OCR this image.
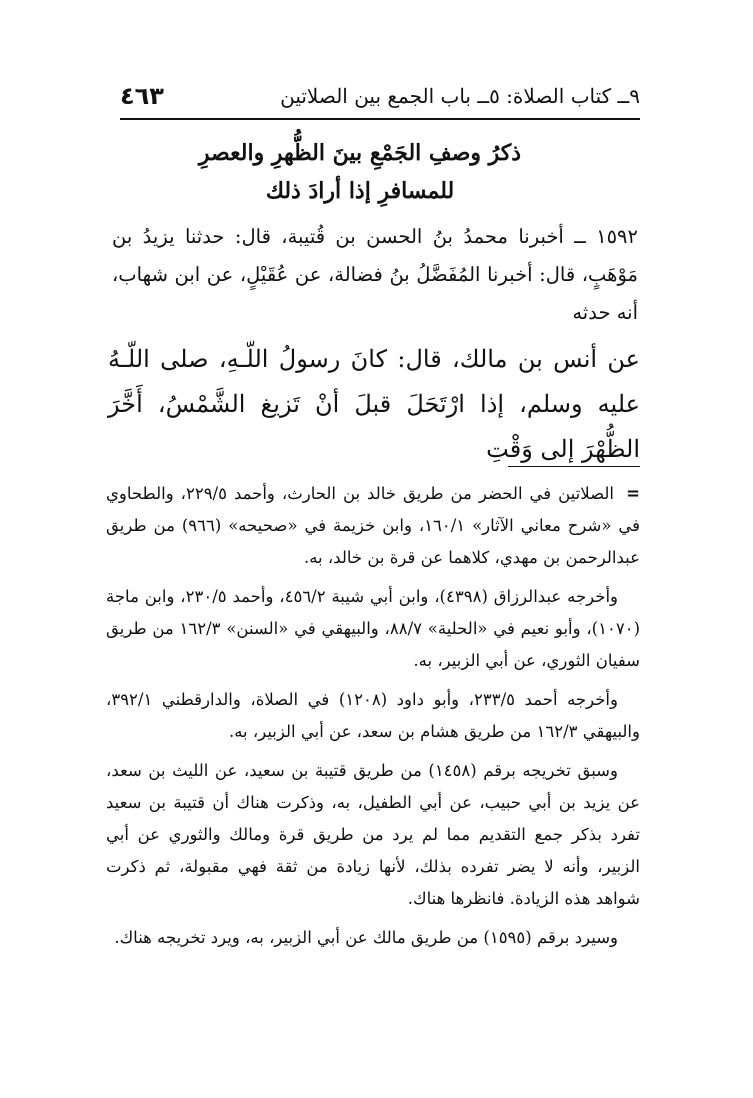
٤٦٣	٩ــ كتاب الصلاة: ٥ــ باب الجمع بين الصلاتين
ذكرُ وصفِ الجَمْعِ بينَ الظُّهرِ والعصرِ
للمسافرِ إذا أرادَ ذلك
١٥٩٢ ــ أخبرنا محمدُ بنُ الحسن بن قُتيبة، قال: حدثنا يزيدُ بن مَوْهَبٍ، قال: أخبرنا المُفَضَّلُ بنُ فضالة، عن عُقَيْلٍ، عن ابن شهاب، أنه حدثه
عن أنس بن مالك، قال: كانَ رسولُ اللّـهِ، صلى اللّـهُ عليه وسلم، إذا ارْتَحَلَ قبلَ أنْ تَزيغ الشَّمْسُ، أَخَّرَ الظُّهْرَ إلى وَقْتِ

=الصلاتين في الحضر من طريق خالد بن الحارث، وأحمد ٢٢٩/٥، والطحاوي في «شرح معاني الآثار» ١٦٠/١، وابن خزيمة في «صحيحه» (٩٦٦) من طريق عبدالرحمن بن مهدي، كلاهما عن قرة بن خالد، به.

وأخرجه عبدالرزاق (٤٣٩٨)، وابن أبي شيبة ٤٥٦/٢، وأحمد ٢٣٠/٥، وابن ماجة (١٠٧٠)، وأبو نعيم في «الحلية» ٨٨/٧، والبيهقي في «السنن» ١٦٢/٣ من طريق سفيان الثوري، عن أبي الزبير، به.

وأخرجه أحمد ٢٣٣/٥، وأبو داود (١٢٠٨) في الصلاة، والدارقطني ٣٩٢/١، والبيهقي ١٦٢/٣ من طريق هشام بن سعد، عن أبي الزبير، به.

وسبق تخريجه برقم (١٤٥٨) من طريق قتيبة بن سعيد، عن الليث بن سعد، عن يزيد بن أبي حبيب، عن أبي الطفيل، به، وذكرت هناك أن قتيبة بن سعيد تفرد بذكر جمع التقديم مما لم يرد من طريق قرة ومالك والثوري عن أبي الزبير، وأنه لا يضر تفرده بذلك، لأنها زيادة من ثقة فهي مقبولة، ثم ذكرت شواهد هذه الزيادة. فانظرها هناك.

وسيرد برقم (١٥٩٥) من طريق مالك عن أبي الزبير، به، ويرد تخريجه هناك.
